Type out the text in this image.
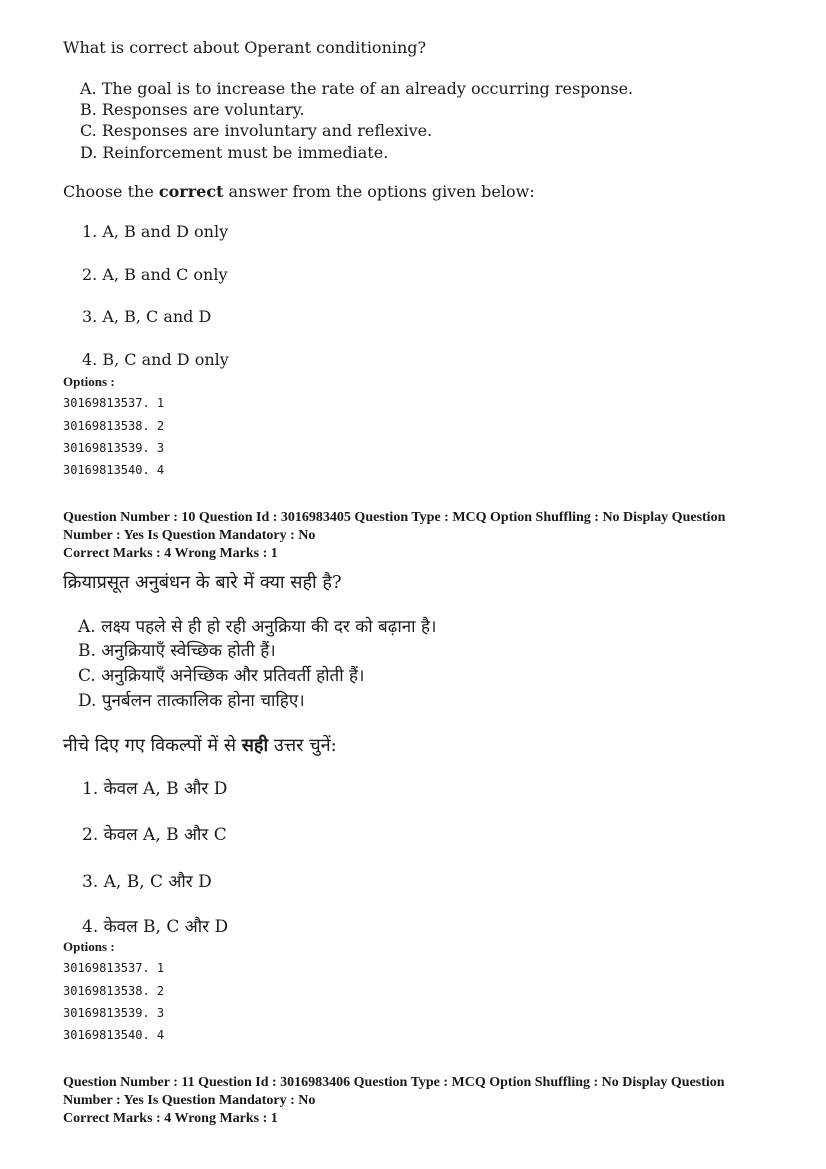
What is correct about Operant conditioning?
A. The goal is to increase the rate of an already occurring response.
B. Responses are voluntary.
C. Responses are involuntary and reflexive.
D. Reinforcement must be immediate.
Choose the correct answer from the options given below:
1. A, B and D only
2. A, B and C only
3. A, B, C and D
4. B, C and D only
Options :
30169813537. 1
30169813538. 2
30169813539. 3
30169813540. 4
Question Number : 10 Question Id : 3016983405 Question Type : MCQ Option Shuffling : No Display Question
Number : Yes Is Question Mandatory : No
Correct Marks : 4 Wrong Marks : 1
क्रियाप्रसूत अनुबंधन के बारे में क्या सही है?
A. लक्ष्य पहले से ही हो रही अनुक्रिया की दर को बढ़ाना है।
B. अनुक्रियाएँ स्वेच्छिक होती हैं।
C. अनुक्रियाएँ अनेच्छिक और प्रतिवर्ती होती हैं।
D. पुनर्बलन तात्कालिक होना चाहिए।
नीचे दिए गए विकल्पों में से सही उत्तर चुनें:
1. केवल A, B और D
2. केवल A, B और C
3. A, B, C और D
4. केवल B, C और D
Options :
30169813537. 1
30169813538. 2
30169813539. 3
30169813540. 4
Question Number : 11 Question Id : 3016983406 Question Type : MCQ Option Shuffling : No Display Question
Number : Yes Is Question Mandatory : No
Correct Marks : 4 Wrong Marks : 1
